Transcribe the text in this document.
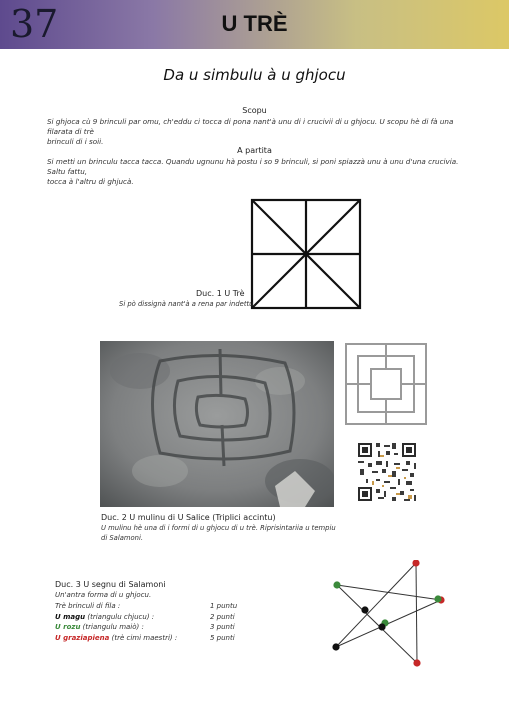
37	U TRÈ
Da u simbulu à u ghjocu
Scopu
Si ghjoca cù 9 brinculi par omu, ch'eddu ci tocca di pona nant'à unu di i crucivii di u ghjocu. U scopu hè di fà una filarata di trè
brinculi di i soii.
A partita
Si metti un brinculu tacca tacca. Quandu ugnunu hà postu i so 9 brinculi, si poni spiazzà unu à unu d'una crucivia. Saltu fattu,
tocca à l'altru di ghjucà.
Duc. 1 U Trè
Si pò dissignà nant'à a rena par indettu.
Duc. 2 U mulinu di U Salice (Triplici accintu)
U mulinu hè una di i formi di u ghjocu di u trè. Riprisintariia u tempiu
di Salamoni.
Duc. 3 U segnu di Salamoni
Un'antra forma di u ghjocu.
Trè brinculi di fila :	1 puntu
U magu (triangulu chjucu) :	2 punti
U rozu (triangulu maiò) :	3 punti
U graziapiena (trè cimi maestri) :	5 punti
